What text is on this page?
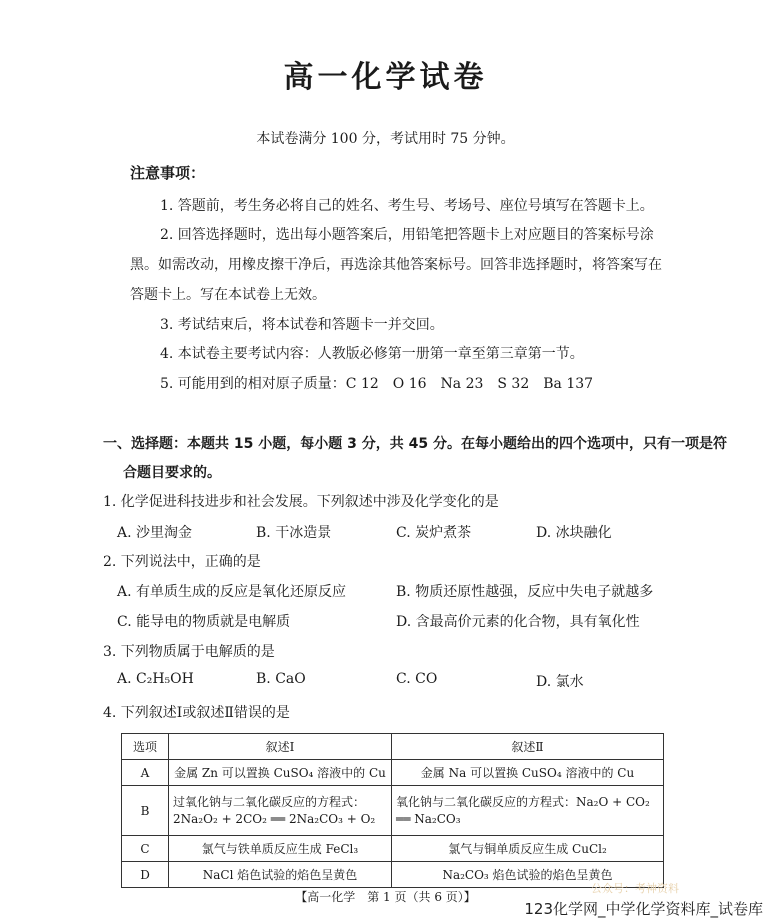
高一化学试卷
本试卷满分 100 分，考试用时 75 分钟。
注意事项：
1. 答题前，考生务必将自己的姓名、考生号、考场号、座位号填写在答题卡上。
2. 回答选择题时，选出每小题答案后，用铅笔把答题卡上对应题目的答案标号涂
黑。如需改动，用橡皮擦干净后，再选涂其他答案标号。回答非选择题时，将答案写在
答题卡上。写在本试卷上无效。
3. 考试结束后，将本试卷和答题卡一并交回。
4. 本试卷主要考试内容：人教版必修第一册第一章至第三章第一节。
5. 可能用到的相对原子质量：C 12　O 16　Na 23　S 32　Ba 137
一、选择题：本题共 15 小题，每小题 3 分，共 45 分。在每小题给出的四个选项中，只有一项是符
合题目要求的。
1. 化学促进科技进步和社会发展。下列叙述中涉及化学变化的是
A. 沙里淘金	B. 干冰造景	C. 炭炉煮茶	D. 冰块融化
2. 下列说法中，正确的是
A. 有单质生成的反应是氧化还原反应	B. 物质还原性越强，反应中失电子就越多
C. 能导电的物质就是电解质	D. 含最高价元素的化合物，具有氧化性
3. 下列物质属于电解质的是
A. C₂H₅OH	B. CaO	C. CO	D. 氯水
4. 下列叙述Ⅰ或叙述Ⅱ错误的是
选项	叙述Ⅰ	叙述Ⅱ
A	金属 Zn 可以置换 CuSO₄ 溶液中的 Cu	金属 Na 可以置换 CuSO₄ 溶液中的 Cu
B	过氧化钠与二氧化碳反应的方程式：2Na₂O₂ + 2CO₂ ══ 2Na₂CO₃ + O₂	氧化钠与二氧化碳反应的方程式：Na₂O + CO₂ ══ Na₂CO₃
C	氯气与铁单质反应生成 FeCl₃	氯气与铜单质反应生成 CuCl₂
D	NaCl 焰色试验的焰色呈黄色	Na₂CO₃ 焰色试验的焰色呈黄色
【高一化学　第 1 页（共 6 页）】
公众号：考神资料
123化学网_中学化学资料库_试卷库
